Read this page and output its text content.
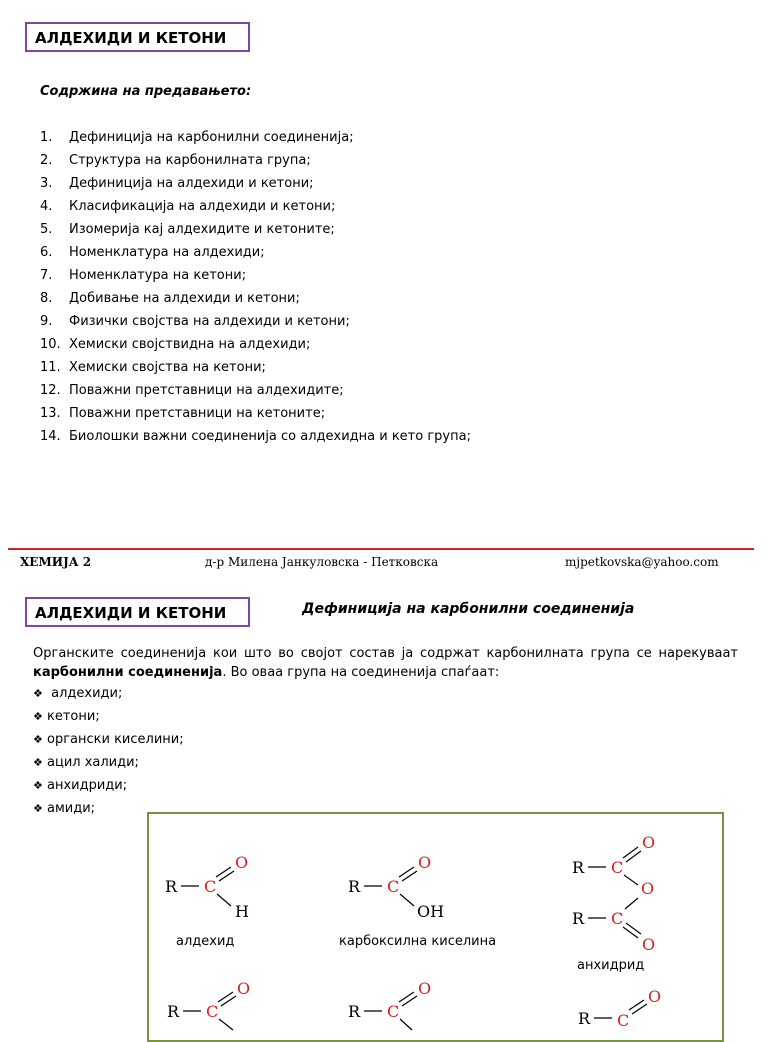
АЛДЕХИДИ И КЕТОНИ
Содржина на предавањето:
1. Дефиниција на карбонилни соединенија;
2. Структура на карбонилната група;
3. Дефиниција на алдехиди и кетони;
4. Класификација на алдехиди и кетони;
5. Изомерија кај алдехидите и кетоните;
6. Номенклатура на алдехиди;
7. Номенклатура на кетони;
8. Добивање на алдехиди и кетони;
9. Физички својства на алдехиди и кетони;
10. Хемиски својствидна на алдехиди;
11. Хемиски својства на кетони;
12. Поважни претставници на алдехидите;
13. Поважни претставници на кетоните;
14. Биолошки важни соединенија со алдехидна и кето група;
ХЕМИЈА 2	д-р Милена Јанкуловска - Петковска	mjpetkovska@yahoo.com
АЛДЕХИДИ И КЕТОНИ	Дефиниција на карбонилни соединенија
Органските соединенија кои што во својот состав ја содржат карбонилната група се нарекуваат карбонилни соединенија. Во оваа група на соединенија спаѓаат:
❖ алдехиди;
❖ кетони;
❖ органски киселини;
❖ ацил халиди;
❖ анхидриди;
❖ амиди;
R C
O
H
R C
O
OH
R C
O
O
R C
O
R C
O
R C
O
R C
O
алдехид	карбоксилна киселина
анхидрид
